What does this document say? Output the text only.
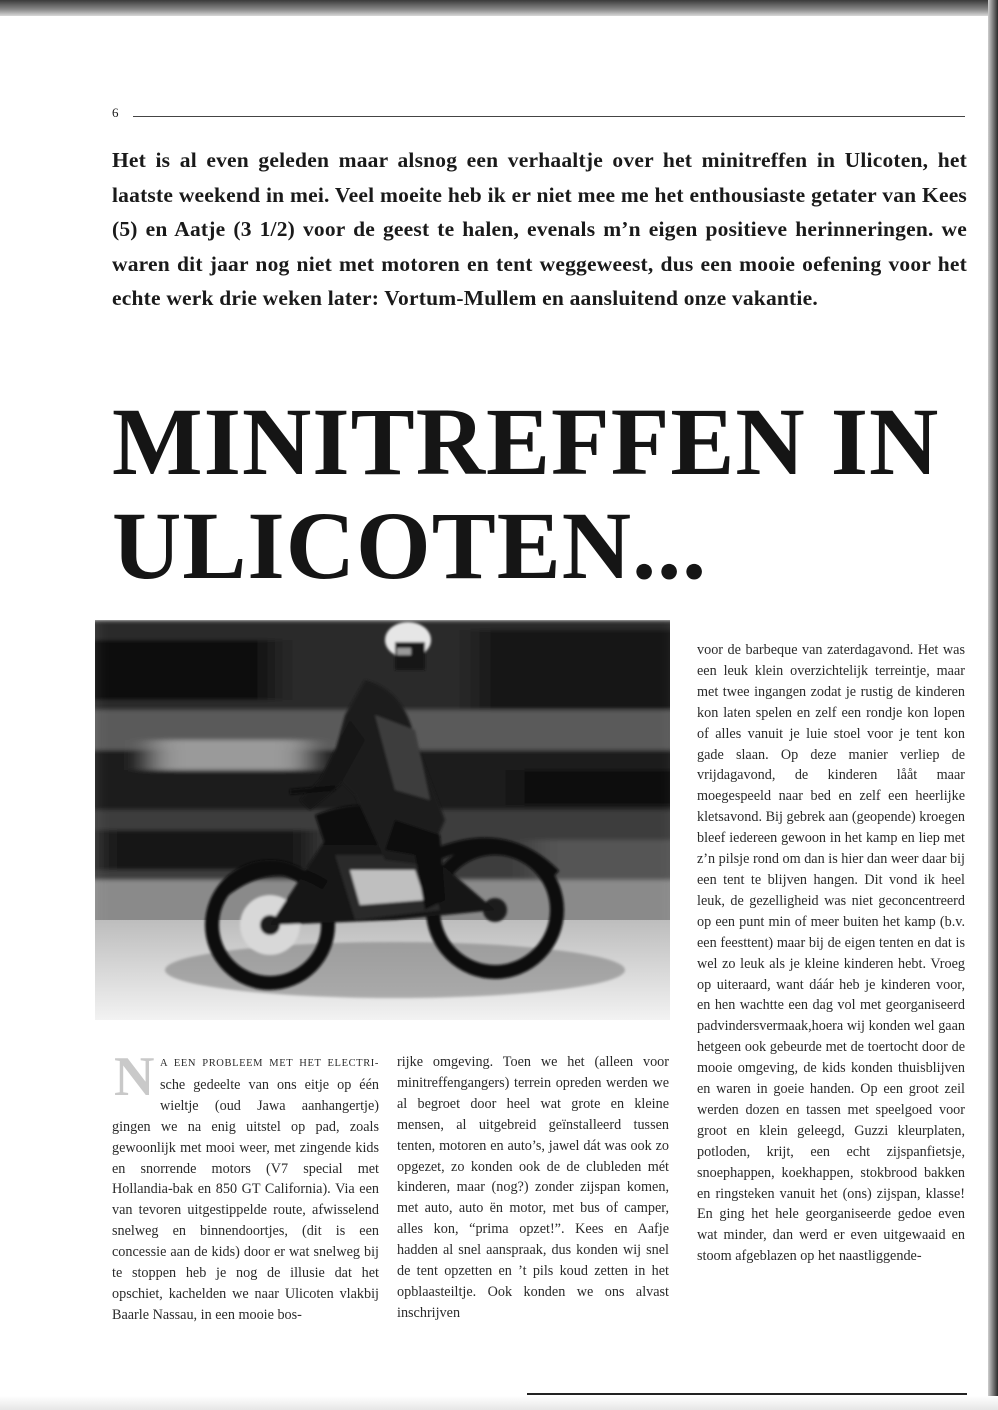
6
Het is al even geleden maar alsnog een verhaaltje over het minitreffen in Ulicoten, het laatste weekend in mei. Veel moeite heb ik er niet mee me het enthousiaste getater van Kees (5) en Aatje (3 1/2) voor de geest te halen, evenals m’n eigen positieve herinneringen. we waren dit jaar nog niet met motoren en tent weggeweest, dus een mooie oefening voor het echte werk drie weken later: Vortum-Mullem en aansluitend onze vakantie.
MINITREFFEN IN ULICOTEN...
N A EEN PROBLEEM MET HET ELECTRI- sche gedeelte van ons eitje op één wieltje (oud Jawa aanhangertje) gingen we na enig uitstel op pad, zoals gewoonlijk met mooi weer, met zingende kids en snorrende motors (V7 special met Hollandia-bak en 850 GT California). Via een van tevoren uitgestippelde route, afwisselend snelweg en binnendoortjes, (dit is een concessie aan de kids) door er wat snelweg bij te stoppen heb je nog de illusie dat het opschiet, kachelden we naar Ulicoten vlakbij Baarle Nassau, in een mooie bos-
rijke omgeving. Toen we het (alleen voor minitreffengangers) terrein opreden werden we al begroet door heel wat grote en kleine mensen, al uitgebreid geïnstalleerd tussen tenten, motoren en auto’s, jawel dát was ook zo opgezet, zo konden ook de de clubleden mét kinderen, maar (nog?) zonder zijspan komen, met auto, auto ën motor, met bus of camper, alles kon, “prima opzet!”. Kees en Aafje hadden al snel aanspraak, dus konden wij snel de tent opzetten en ’t pils koud zetten in het opblaasteiltje. Ook konden we ons alvast inschrijven
voor de barbeque van zaterdagavond. Het was een leuk klein overzichtelijk terreintje, maar met twee ingangen zodat je rustig de kinderen kon laten spelen en zelf een rondje kon lopen of alles vanuit je luie stoel voor je tent kon gade slaan. Op deze manier verliep de vrijdagavond, de kinderen lååt maar moegespeeld naar bed en zelf een heerlijke kletsavond. Bij gebrek aan (geopende) kroegen bleef iedereen gewoon in het kamp en liep met z’n pilsje rond om dan is hier dan weer daar bij een tent te blijven hangen. Dit vond ik heel leuk, de gezelligheid was niet geconcentreerd op een punt min of meer buiten het kamp (b.v. een feesttent) maar bij de eigen tenten en dat is wel zo leuk als je kleine kinderen hebt. Vroeg op uiteraard, want dáár heb je kinderen voor, en hen wachtte een dag vol met georganiseerd padvindersvermaak,hoera wij konden wel gaan hetgeen ook gebeurde met de toertocht door de mooie omgeving, de kids konden thuisblijven en waren in goeie handen. Op een groot zeil werden dozen en tassen met speelgoed voor groot en klein geleegd, Guzzi kleurplaten, potloden, krijt, een echt zijspanfietsje, snoephappen, koekhappen, stokbrood bakken en ringsteken vanuit het (ons) zijspan, klasse! En ging het hele georganiseerde gedoe even wat minder, dan werd er even uitgewaaid en stoom afgeblazen op het naastliggende-
